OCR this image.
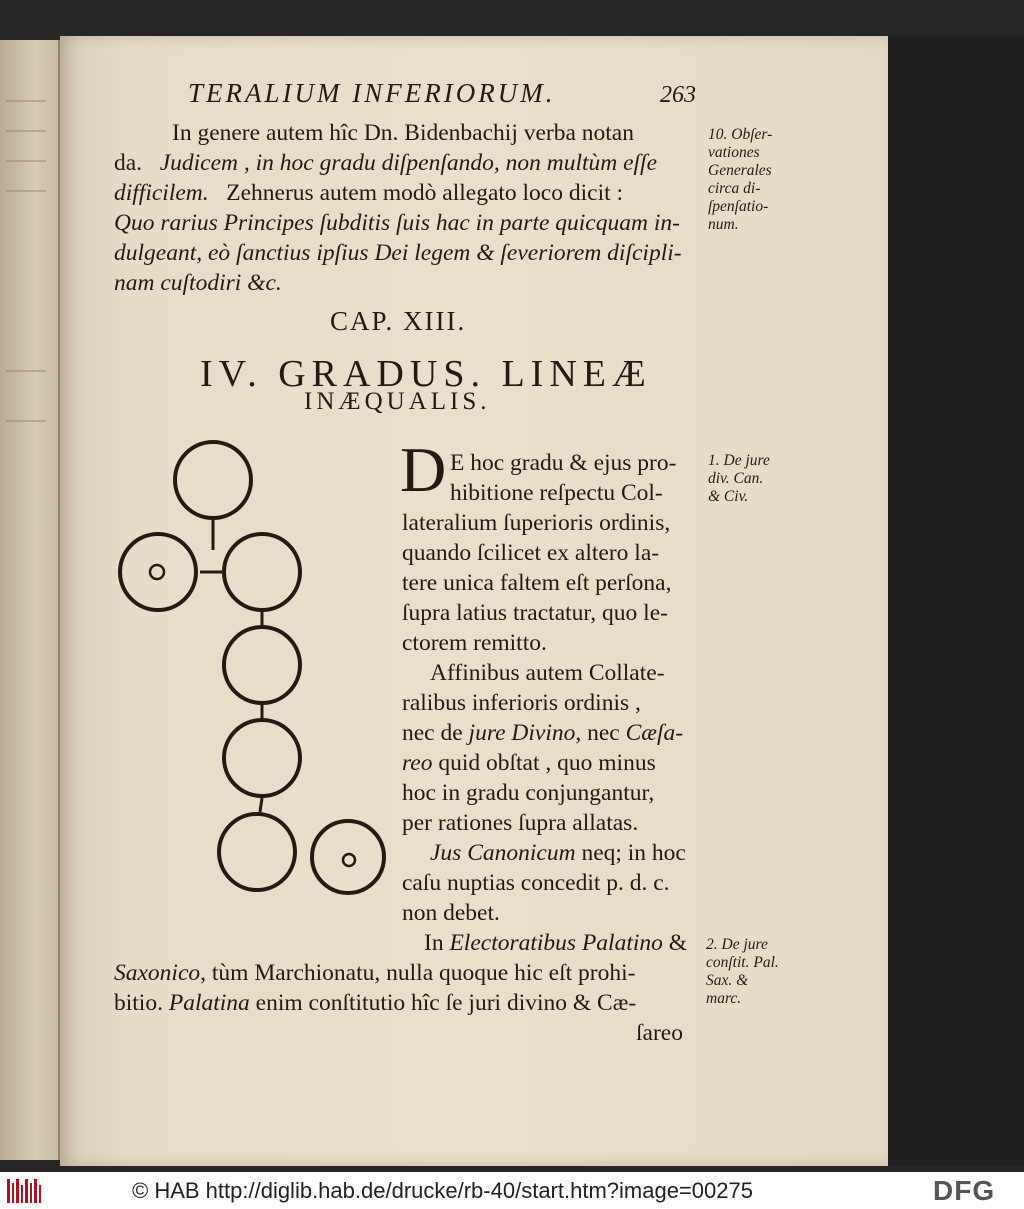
TERALIUM INFERIORUM.	263
In genere autem hîc Dn. Bidenbachij verba notan
da. Judicem , in hoc gradu diſpenſando, non multùm eſſe
difficilem. Zehnerus autem modò allegato loco dicit :
Quo rarius Principes ſubditis ſuis hac in parte quicquam in-
dulgeant, eò ſanctius ipſius Dei legem & ſeveriorem diſcipli-
nam cuſtodiri &c.
10. Obſer-
vationes
Generales
circa di-
ſpenſatio-
num.
CAP. XIII.
IV. GRADUS. LINEÆ
INÆQUALIS.
D E hoc gradu & ejus pro-
hibitione reſpectu Col-
lateralium ſuperioris ordinis,
quando ſcilicet ex altero la-
tere unica faltem eſt perſona,
ſupra latius tractatur, quo le-
ctorem remitto.
1. De jure
div. Can.
& Civ.
Affinibus autem Collate-
ralibus inferioris ordinis ,
nec de jure Divino, nec Cæſa-
reo quid obſtat , quo minus
hoc in gradu conjungantur,
per rationes ſupra allatas.
Jus Canonicum neq; in hoc
caſu nuptias concedit p. d. c.
non debet.
In Electoratibus Palatino &
Saxonico, tùm Marchionatu, nulla quoque hic eſt prohi-
bitio. Palatina enim conſtitutio hîc ſe juri divino & Cæ-
ſareo
2. De jure
conſtit. Pal.
Sax. &
marc.
© HAB http://diglib.hab.de/drucke/rb-40/start.htm?image=00275	DFG
